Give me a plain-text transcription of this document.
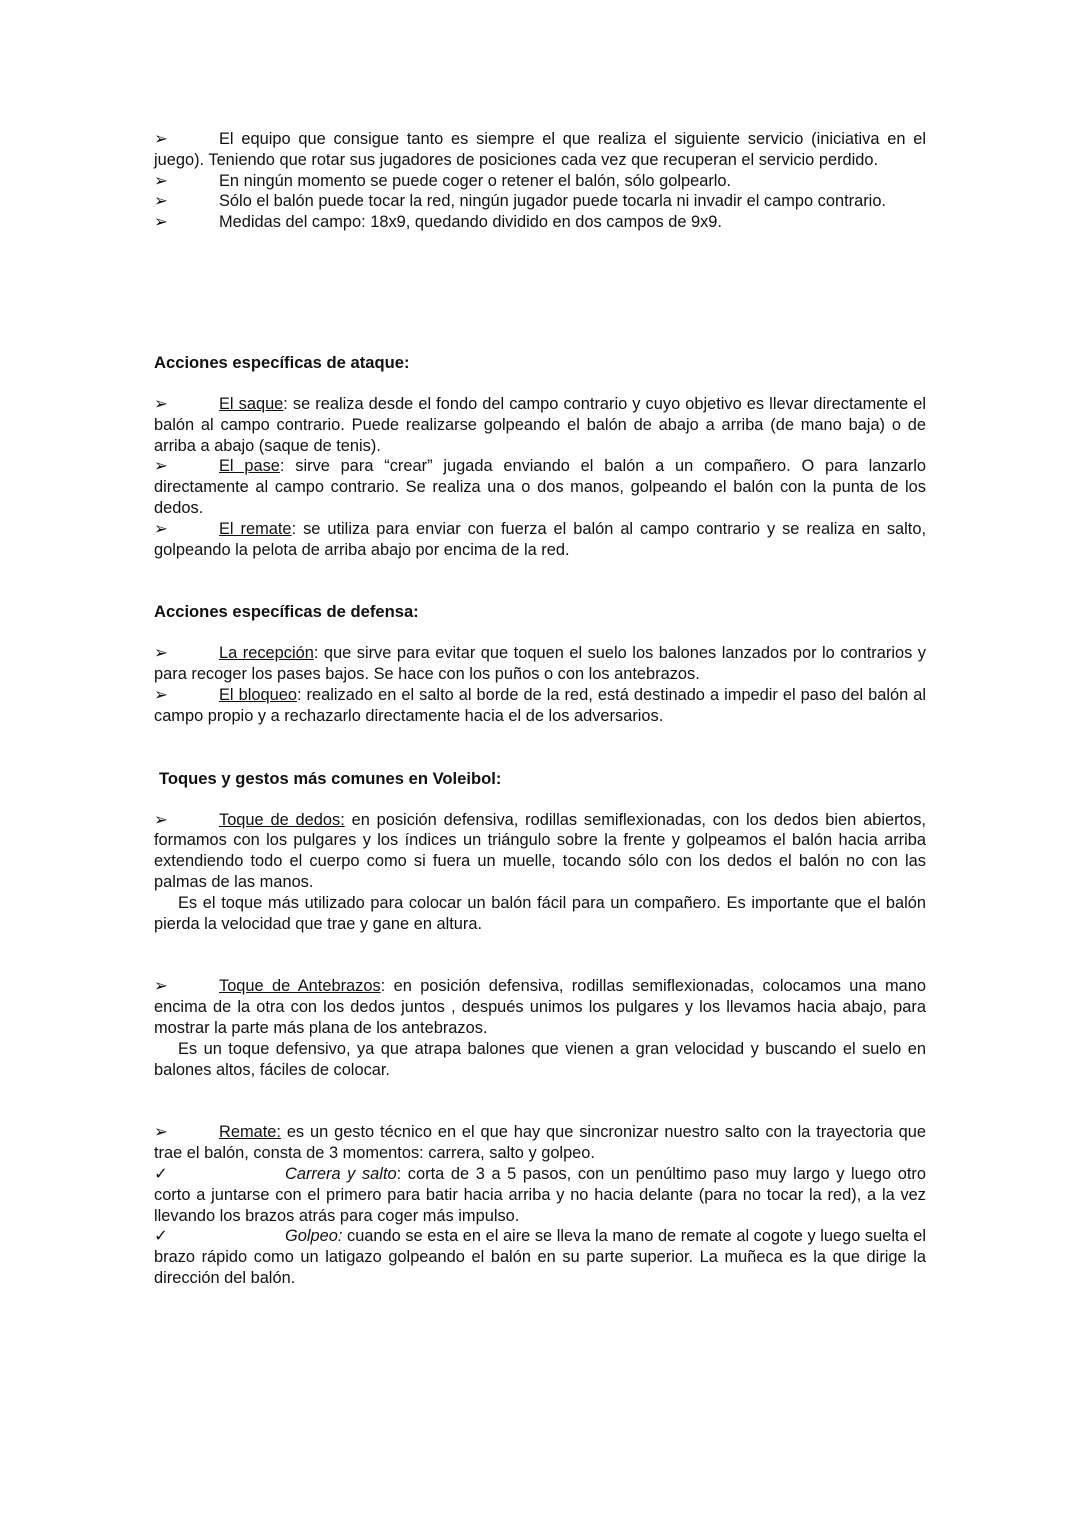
➢	El equipo que consigue tanto es siempre el que realiza el siguiente servicio (iniciativa en el juego). Teniendo que rotar sus jugadores de posiciones cada vez que recuperan el servicio perdido.

➢	En ningún momento se puede coger o retener el balón, sólo golpearlo.

➢	Sólo el balón puede tocar la red, ningún jugador puede tocarla ni invadir el campo contrario.

➢	Medidas del campo: 18x9, quedando dividido en dos campos de 9x9.

Acciones específicas de ataque:

➢	El saque: se realiza desde el fondo del campo contrario y cuyo objetivo es llevar directamente el balón al campo contrario. Puede realizarse golpeando el balón de abajo a arriba (de mano baja) o de arriba a abajo (saque de tenis).

➢	El pase: sirve para “crear” jugada enviando el balón a un compañero. O para lanzarlo directamente al campo contrario. Se realiza una o dos manos, golpeando el balón con la punta de los dedos.

➢	El remate: se utiliza para enviar con fuerza el balón al campo contrario y se realiza en salto, golpeando la pelota de arriba abajo por encima de la red.

Acciones específicas de defensa:

➢	La recepción: que sirve para evitar que toquen el suelo los balones lanzados por lo contrarios y para recoger los pases bajos. Se hace con los puños o con los antebrazos.

➢	El bloqueo: realizado en el salto al borde de la red, está destinado a impedir el paso del balón al campo propio y a rechazarlo directamente hacia el de los adversarios.

Toques y gestos más comunes en Voleibol:

➢	Toque de dedos: en posición defensiva, rodillas semiflexionadas, con los dedos bien abiertos, formamos con los pulgares y los índices un triángulo sobre la frente y golpeamos el balón hacia arriba extendiendo todo el cuerpo como si fuera un muelle, tocando sólo con los dedos el balón no con las palmas de las manos.

Es el toque más utilizado para colocar un balón fácil para un compañero. Es importante que el balón pierda la velocidad que trae y gane en altura.

➢	Toque de Antebrazos: en posición defensiva, rodillas semiflexionadas, colocamos una mano encima de la otra con los dedos juntos , después unimos los pulgares y los llevamos hacia abajo, para mostrar la parte más plana de los antebrazos.

Es un toque defensivo, ya que atrapa balones que vienen a gran velocidad y buscando el suelo en balones altos, fáciles de colocar.

➢	Remate: es un gesto técnico en el que hay que sincronizar nuestro salto con la trayectoria que trae el balón, consta de 3 momentos: carrera, salto y golpeo.

✓	Carrera y salto: corta de 3 a 5 pasos, con un penúltimo paso muy largo y luego otro corto a juntarse con el primero para batir hacia arriba y no hacia delante (para no tocar la red), a la vez llevando los brazos atrás para coger más impulso.

✓	Golpeo: cuando se esta en el aire se lleva la mano de remate al cogote y luego suelta el brazo rápido como un latigazo golpeando el balón en su parte superior. La muñeca es la que dirige la dirección del balón.
